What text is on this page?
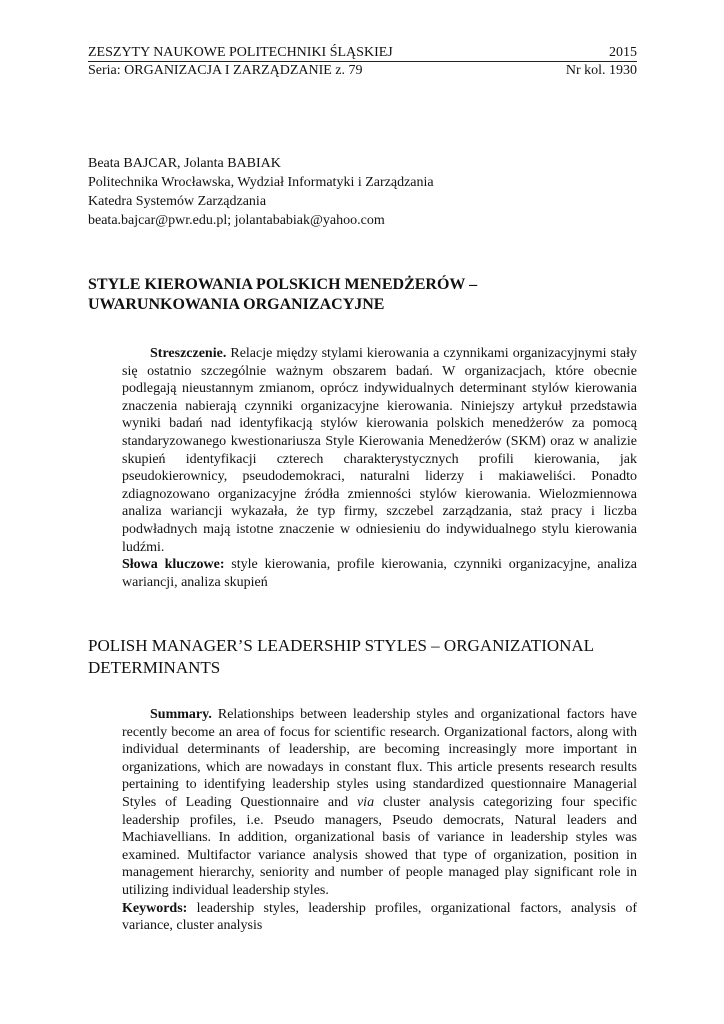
ZESZYTY NAUKOWE POLITECHNIKI ŚLĄSKIEJ	2015
Seria: ORGANIZACJA I ZARZĄDZANIE z. 79	Nr kol. 1930
Beata BAJCAR, Jolanta BABIAK
Politechnika Wrocławska, Wydział Informatyki i Zarządzania
Katedra Systemów Zarządzania
beata.bajcar@pwr.edu.pl; jolantababiak@yahoo.com
STYLE KIEROWANIA POLSKICH MENEDŻERÓW –
UWARUNKOWANIA ORGANIZACYJNE

Streszczenie. Relacje między stylami kierowania a czynnikami organizacyjnymi stały się ostatnio szczególnie ważnym obszarem badań. W organizacjach, które obecnie podlegają nieustannym zmianom, oprócz indywidualnych determinant stylów kierowania znaczenia nabierają czynniki organizacyjne kierowania. Niniejszy artykuł przedstawia wyniki badań nad identyfikacją stylów kierowania polskich menedżerów za pomocą standaryzowanego kwestionariusza Style Kierowania Menedżerów (SKM) oraz w analizie skupień identyfikacji czterech charakterystycznych profili kierowania, jak pseudokierownicy, pseudodemokraci, naturalni liderzy i makiaweliści. Ponadto zdiagnozowano organizacyjne źródła zmienności stylów kierowania. Wielozmiennowa analiza wariancji wykazała, że typ firmy, szczebel zarządzania, staż pracy i liczba podwładnych mają istotne znaczenie w odniesieniu do indywidualnego stylu kierowania ludźmi.

Słowa kluczowe: style kierowania, profile kierowania, czynniki organizacyjne, analiza wariancji, analiza skupień

POLISH MANAGER’S LEADERSHIP STYLES – ORGANIZATIONAL
DETERMINANTS

Summary. Relationships between leadership styles and organizational factors have recently become an area of focus for scientific research. Organizational factors, along with individual determinants of leadership, are becoming increasingly more important in organizations, which are nowadays in constant flux. This article presents research results pertaining to identifying leadership styles using standardized questionnaire Managerial Styles of Leading Questionnaire and via cluster analysis categorizing four specific leadership profiles, i.e. Pseudo managers, Pseudo democrats, Natural leaders and Machiavellians. In addition, organizational basis of variance in leadership styles was examined. Multifactor variance analysis showed that type of organization, position in management hierarchy, seniority and number of people managed play significant role in utilizing individual leadership styles.

Keywords: leadership styles, leadership profiles, organizational factors, analysis of variance, cluster analysis
